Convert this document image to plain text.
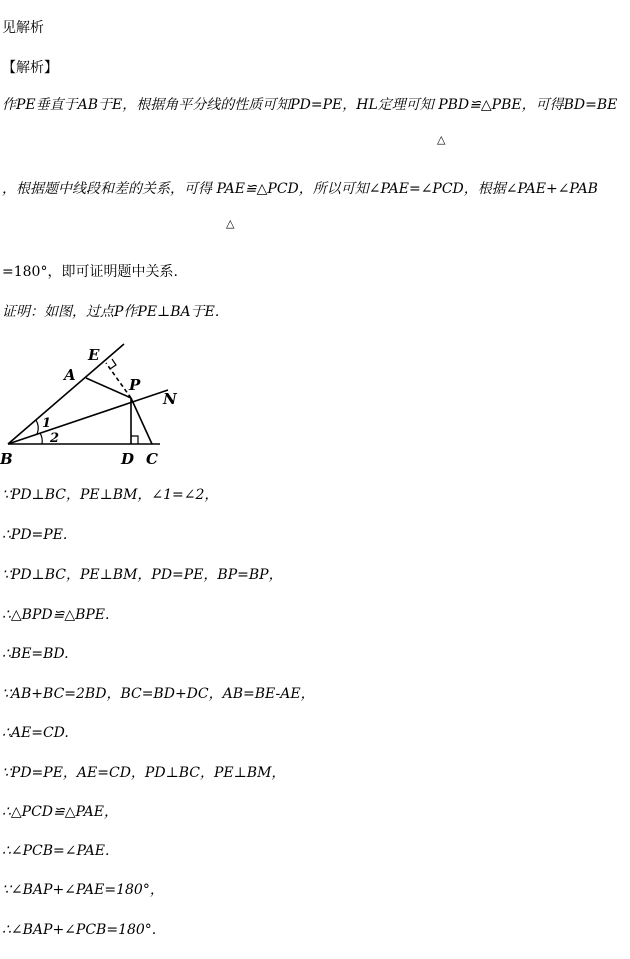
见解析
【解析】
作PE垂直于AB于E，根据角平分线的性质可知PD=PE，HL定理可知 PBD≌△PBE，可得BD=BE
△
，根据题中线段和差的关系，可得 PAE≌△PCD，所以可知∠PAE=∠PCD，根据∠PAE+∠PAB
△
=180°，即可证明题中关系.
证明：如图，过点P作PE⊥BA于E.
E
A
P
N
B	D C
1
2
∵PD⊥BC，PE⊥BM，∠1=∠2，
∴PD=PE.
∵PD⊥BC，PE⊥BM，PD=PE，BP=BP，
∴△BPD≌△BPE.
∴BE=BD.
∵AB+BC=2BD，BC=BD+DC，AB=BE-AE，
∴AE=CD.
∵PD=PE，AE=CD，PD⊥BC，PE⊥BM，
∴△PCD≌△PAE，
∴∠PCB=∠PAE.
∵∠BAP+∠PAE=180°，
∴∠BAP+∠PCB=180°.
